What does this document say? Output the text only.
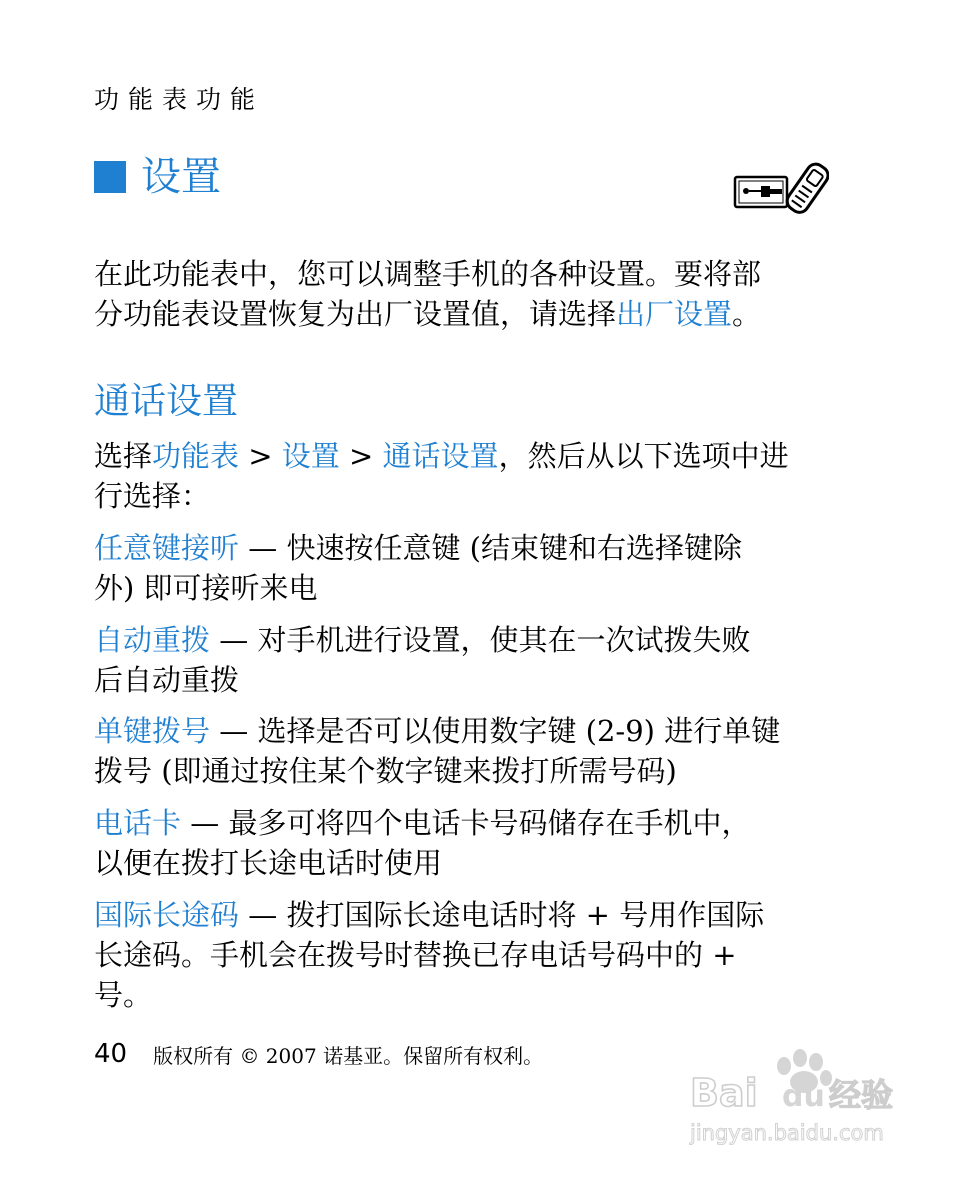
功能表功能
设置

在此功能表中，您可以调整手机的各种设置。要将部
分功能表设置恢复为出厂设置值，请选择出厂设置。

通话设置

选择功能表 > 设置 > 通话设置，然后从以下选项中进
行选择：

任意键接听 — 快速按任意键 (结束键和右选择键除
外) 即可接听来电

自动重拨 — 对手机进行设置，使其在一次试拨失败
后自动重拨

单键拨号 — 选择是否可以使用数字键 (2-9) 进行单键
拨号 (即通过按住某个数字键来拨打所需号码)

电话卡 — 最多可将四个电话卡号码储存在手机中，
以便在拨打长途电话时使用

国际长途码 — 拨打国际长途电话时将 + 号用作国际
长途码。手机会在拨号时替换已存电话号码中的 +
号。

40 版权所有 © 2007 诺基亚。保留所有权利。
Bai du 经验
jingyan.baidu.com
